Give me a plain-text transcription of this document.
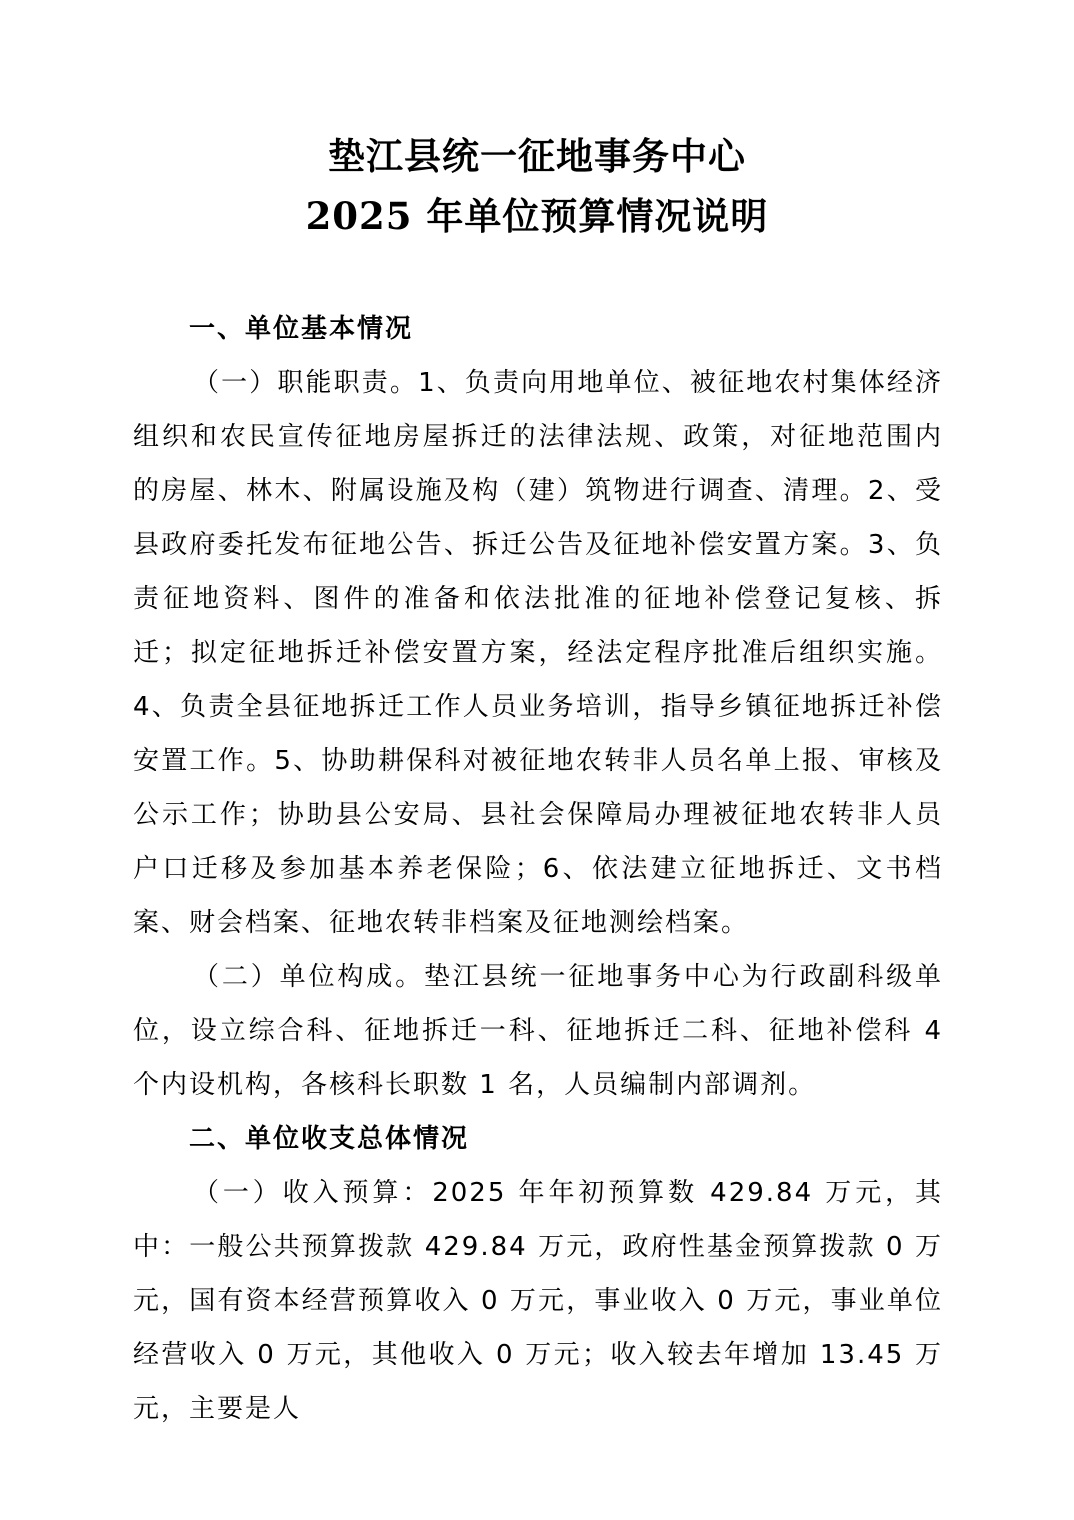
垫江县统一征地事务中心
2025 年单位预算情况说明

一、单位基本情况

（一）职能职责。1、负责向用地单位、被征地农村集体经济组织和农民宣传征地房屋拆迁的法律法规、政策，对征地范围内的房屋、林木、附属设施及构（建）筑物进行调查、清理。2、受县政府委托发布征地公告、拆迁公告及征地补偿安置方案。3、负责征地资料、图件的准备和依法批准的征地补偿登记复核、拆迁；拟定征地拆迁补偿安置方案，经法定程序批准后组织实施。4、负责全县征地拆迁工作人员业务培训，指导乡镇征地拆迁补偿安置工作。5、协助耕保科对被征地农转非人员名单上报、审核及公示工作；协助县公安局、县社会保障局办理被征地农转非人员户口迁移及参加基本养老保险；6、依法建立征地拆迁、文书档案、财会档案、征地农转非档案及征地测绘档案。

（二）单位构成。垫江县统一征地事务中心为行政副科级单位，设立综合科、征地拆迁一科、征地拆迁二科、征地补偿科 4 个内设机构，各核科长职数 1 名，人员编制内部调剂。

二、单位收支总体情况

（一）收入预算：2025 年年初预算数 429.84 万元，其中：一般公共预算拨款 429.84 万元，政府性基金预算拨款 0 万元，国有资本经营预算收入 0 万元，事业收入 0 万元，事业单位经营收入 0 万元，其他收入 0 万元；收入较去年增加 13.45 万元，主要是人
